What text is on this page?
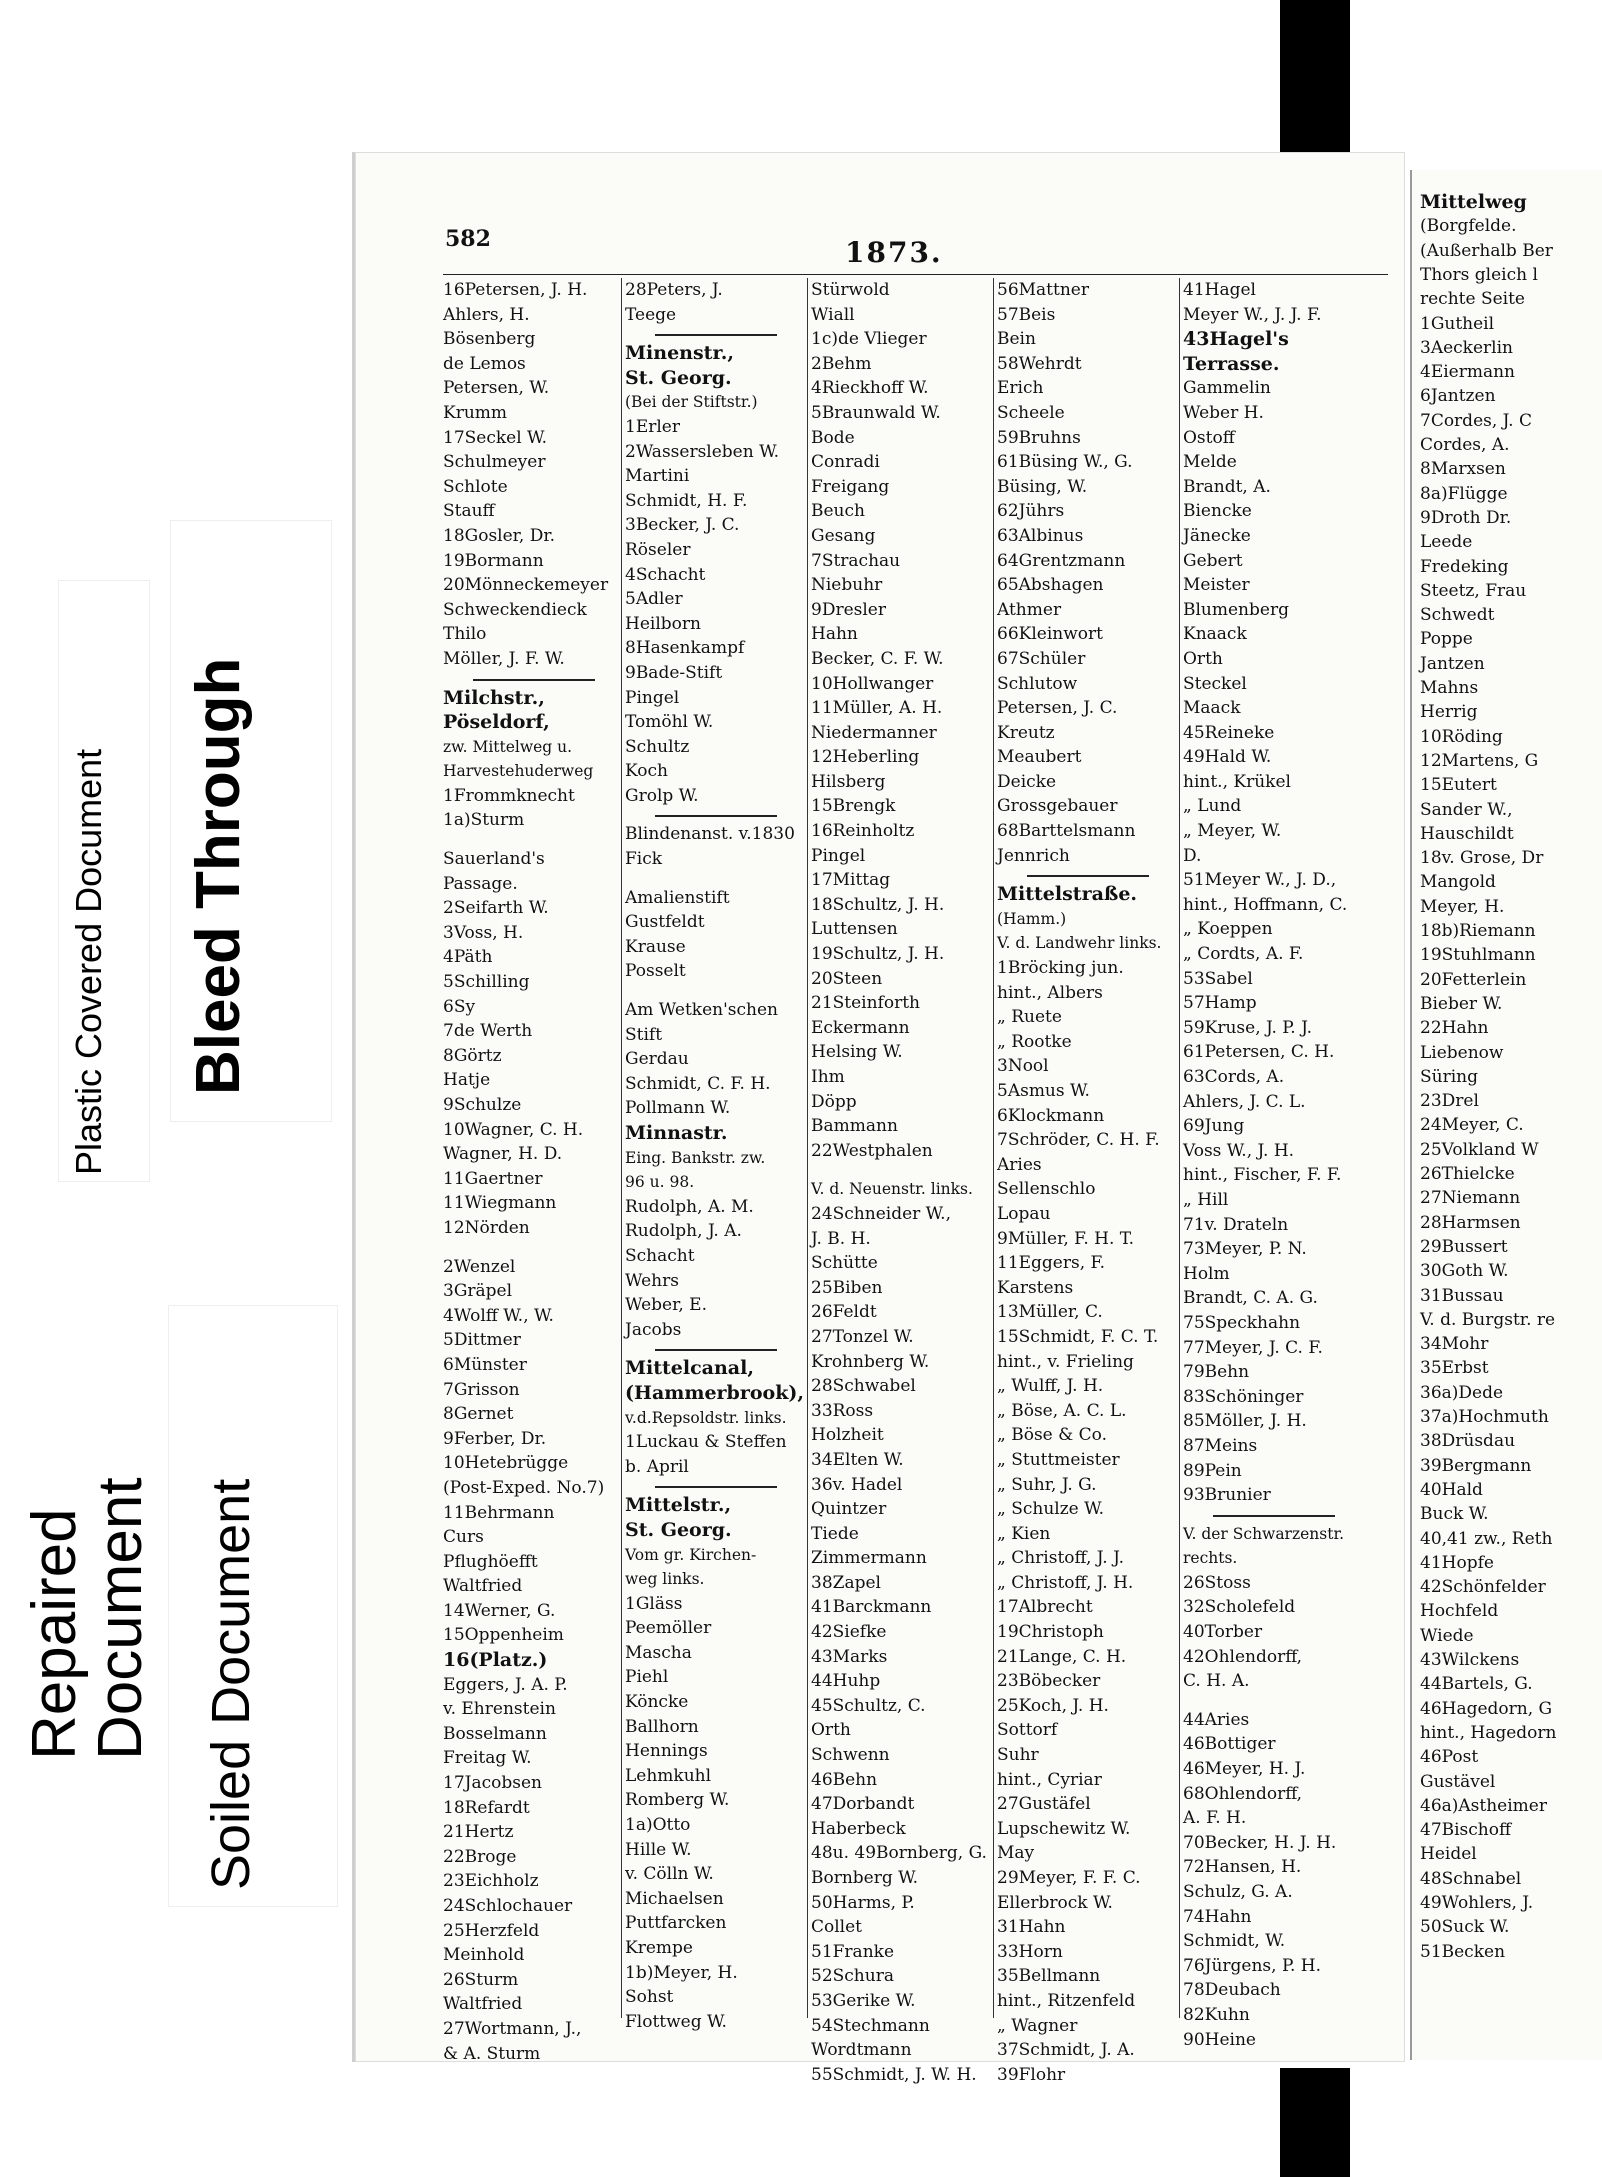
582	1873.
16Petersen, J. H.
Ahlers, H.
Bösenberg
de Lemos
Petersen, W.
Krumm
17Seckel W.
Schulmeyer
Schlote
Stauff
18Gosler, Dr.
19Bormann
20Mönneckemeyer
Schweckendieck
Thilo
Möller, J. F. W.
Milchstr.,
Pöseldorf,
zw. Mittelweg u.
Harvestehuderweg
1Frommknecht
1a)Sturm
Sauerland's
Passage.
2Seifarth W.
3Voss, H.
4Päth
5Schilling
6Sy
7de Werth
8Görtz
Hatje
9Schulze
10Wagner, C. H.
Wagner, H. D.
11Gaertner
11Wiegmann
12Nörden
2Wenzel
3Gräpel
4Wolff W., W.
5Dittmer
6Münster
7Grisson
8Gernet
9Ferber, Dr.
10Hetebrügge
(Post-Exped. No.7)
11Behrmann
Curs
Pflughöefft
Waltfried
14Werner, G.
15Oppenheim
16(Platz.)
Eggers, J. A. P.
v. Ehrenstein
Bosselmann
Freitag W.
17Jacobsen
18Refardt
21Hertz
22Broge
23Eichholz
24Schlochauer
25Herzfeld
Meinhold
26Sturm
Waltfried
27Wortmann, J.,
& A. Sturm
28Peters, J.
Teege
Minenstr.,
St. Georg.
(Bei der Stiftstr.)
1Erler
2Wassersleben W.
Martini
Schmidt, H. F.
3Becker, J. C.
Röseler
4Schacht
5Adler
Heilborn
8Hasenkampf
9Bade-Stift
Pingel
Tomöhl W.
Schultz
Koch
Grolp W.
Blindenanst. v.1830
Fick
Amalienstift
Gustfeldt
Krause
Posselt
Am Wetken'schen
Stift
Gerdau
Schmidt, C. F. H.
Pollmann W.
Minnastr.
Eing. Bankstr. zw.
96 u. 98.
Rudolph, A. M.
Rudolph, J. A.
Schacht
Wehrs
Weber, E.
Jacobs
Mittelcanal,
(Hammerbrook),
v.d.Repsoldstr. links.
1Luckau & Steffen
b. April
Mittelstr.,
St. Georg.
Vom gr. Kirchen-
weg links.
1Gläss
Peemöller
Mascha
Piehl
Köncke
Ballhorn
Hennings
Lehmkuhl
Romberg W.
1a)Otto
Hille W.
v. Cölln W.
Michaelsen
Puttfarcken
Krempe
1b)Meyer, H.
Sohst
Flottweg W.
Stürwold
Wiall
1c)de Vlieger
2Behm
4Rieckhoff W.
5Braunwald W.
Bode
Conradi
Freigang
Beuch
Gesang
7Strachau
Niebuhr
9Dresler
Hahn
Becker, C. F. W.
10Hollwanger
11Müller, A. H.
Niedermanner
12Heberling
Hilsberg
15Brengk
16Reinholtz
Pingel
17Mittag
18Schultz, J. H.
Luttensen
19Schultz, J. H.
20Steen
21Steinforth
Eckermann
Helsing W.
Ihm
Döpp
Bammann
22Westphalen
V. d. Neuenstr. links.
24Schneider W.,
J. B. H.
Schütte
25Biben
26Feldt
27Tonzel W.
Krohnberg W.
28Schwabel
33Ross
Holzheit
34Elten W.
36v. Hadel
Quintzer
Tiede
Zimmermann
38Zapel
41Barckmann
42Siefke
43Marks
44Huhp
45Schultz, C.
Orth
Schwenn
46Behn
47Dorbandt
Haberbeck
48u. 49Bornberg, G.
Bornberg W.
50Harms, P.
Collet
51Franke
52Schura
53Gerike W.
54Stechmann
Wordtmann
55Schmidt, J. W. H.
56Mattner
57Beis
Bein
58Wehrdt
Erich
Scheele
59Bruhns
61Büsing W., G.
Büsing, W.
62Jührs
63Albinus
64Grentzmann
65Abshagen
Athmer
66Kleinwort
67Schüler
Schlutow
Petersen, J. C.
Kreutz
Meaubert
Deicke
Grossgebauer
68Barttelsmann
Jennrich
Mittelstraße.
(Hamm.)
V. d. Landwehr links.
1Bröcking jun.
hint., Albers
„ Ruete
„ Rootke
3Nool
5Asmus W.
6Klockmann
7Schröder, C. H. F.
Aries
Sellenschlo
Lopau
9Müller, F. H. T.
11Eggers, F.
Karstens
13Müller, C.
15Schmidt, F. C. T.
hint., v. Frieling
„ Wulff, J. H.
„ Böse, A. C. L.
„ Böse & Co.
„ Stuttmeister
„ Suhr, J. G.
„ Schulze W.
„ Kien
„ Christoff, J. J.
„ Christoff, J. H.
17Albrecht
19Christoph
21Lange, C. H.
23Böbecker
25Koch, J. H.
Sottorf
Suhr
hint., Cyriar
27Gustäfel
Lupschewitz W.
May
29Meyer, F. F. C.
Ellerbrock W.
31Hahn
33Horn
35Bellmann
hint., Ritzenfeld
„ Wagner
37Schmidt, J. A.
39Flohr
41Hagel
Meyer W., J. J. F.
43Hagel's
Terrasse.
Gammelin
Weber H.
Ostoff
Melde
Brandt, A.
Biencke
Jänecke
Gebert
Meister
Blumenberg
Knaack
Orth
Steckel
Maack
45Reineke
49Hald W.
hint., Krükel
„ Lund
„ Meyer, W.
D.
51Meyer W., J. D.,
hint., Hoffmann, C.
„ Koeppen
„ Cordts, A. F.
53Sabel
57Hamp
59Kruse, J. P. J.
61Petersen, C. H.
63Cords, A.
Ahlers, J. C. L.
69Jung
Voss W., J. H.
hint., Fischer, F. F.
„ Hill
71v. Drateln
73Meyer, P. N.
Holm
Brandt, C. A. G.
75Speckhahn
77Meyer, J. C. F.
79Behn
83Schöninger
85Möller, J. H.
87Meins
89Pein
93Brunier
V. der Schwarzenstr.
rechts.
26Stoss
32Scholefeld
40Torber
42Ohlendorff,
C. H. A.
44Aries
46Bottiger
46Meyer, H. J.
68Ohlendorff,
A. F. H.
70Becker, H. J. H.
72Hansen, H.
Schulz, G. A.
74Hahn
Schmidt, W.
76Jürgens, P. H.
78Deubach
82Kuhn
90Heine
Mittelweg
(Borgfelde.
(Außerhalb Ber
Thors gleich l
rechte Seite
1Gutheil
3Aeckerlin
4Eiermann
6Jantzen
7Cordes, J. C
Cordes, A.
8Marxsen
8a)Flügge
9Droth Dr.
Leede
Fredeking
Steetz, Frau
Schwedt
Poppe
Jantzen
Mahns
Herrig
10Röding
12Martens, G
15Eutert
Sander W.,
Hauschildt
18v. Grose, Dr
Mangold
Meyer, H.
18b)Riemann
19Stuhlmann
20Fetterlein
Bieber W.
22Hahn
Liebenow
Süring
23Drel
24Meyer, C.
25Volkland W
26Thielcke
27Niemann
28Harmsen
29Bussert
30Goth W.
31Bussau
V. d. Burgstr. re
34Mohr
35Erbst
36a)Dede
37a)Hochmuth
38Drüsdau
39Bergmann
40Hald
Buck W.
40,41 zw., Reth
41Hopfe
42Schönfelder
Hochfeld
Wiede
43Wilckens
44Bartels, G.
46Hagedorn, G
hint., Hagedorn
46Post
Gustävel
46a)Astheimer
47Bischoff
Heidel
48Schnabel
49Wohlers, J.
50Suck W.
51Becken
Plastic Covered Document Bleed Through
Repaired Document Soiled Document
